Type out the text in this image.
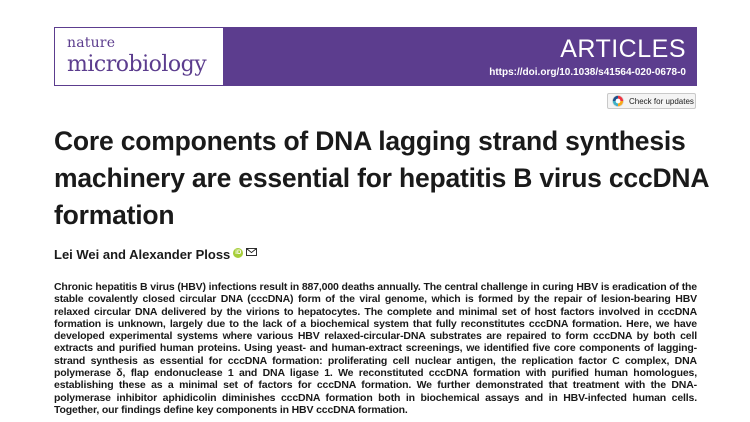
nature
microbiology
ARTICLES
https://doi.org/10.1038/s41564-020-0678-0
Check for updates
Core components of DNA lagging strand synthesis machinery are essential for hepatitis B virus cccDNA formation
Lei Wei and Alexander Ploss iD

Chronic hepatitis B virus (HBV) infections result in 887,000 deaths annually. The central challenge in curing HBV is eradication of the stable covalently closed circular DNA (cccDNA) form of the viral genome, which is formed by the repair of lesion-bearing HBV relaxed circular DNA delivered by the virions to hepatocytes. The complete and minimal set of host factors involved in cccDNA formation is unknown, largely due to the lack of a biochemical system that fully reconstitutes cccDNA formation. Here, we have developed experimental systems where various HBV relaxed-circular-DNA substrates are repaired to form cccDNA by both cell extracts and purified human proteins. Using yeast- and human-extract screenings, we identified five core components of lagging-strand synthesis as essential for cccDNA formation: proliferating cell nuclear antigen, the replication factor C complex, DNA polymerase δ, flap endonuclease 1 and DNA ligase 1. We reconstituted cccDNA formation with purified human homologues, establishing these as a minimal set of factors for cccDNA formation. We further demonstrated that treatment with the DNA-polymerase inhibitor aphidicolin diminishes cccDNA formation both in biochemical assays and in HBV-infected human cells. Together, our findings define key components in HBV cccDNA formation.
